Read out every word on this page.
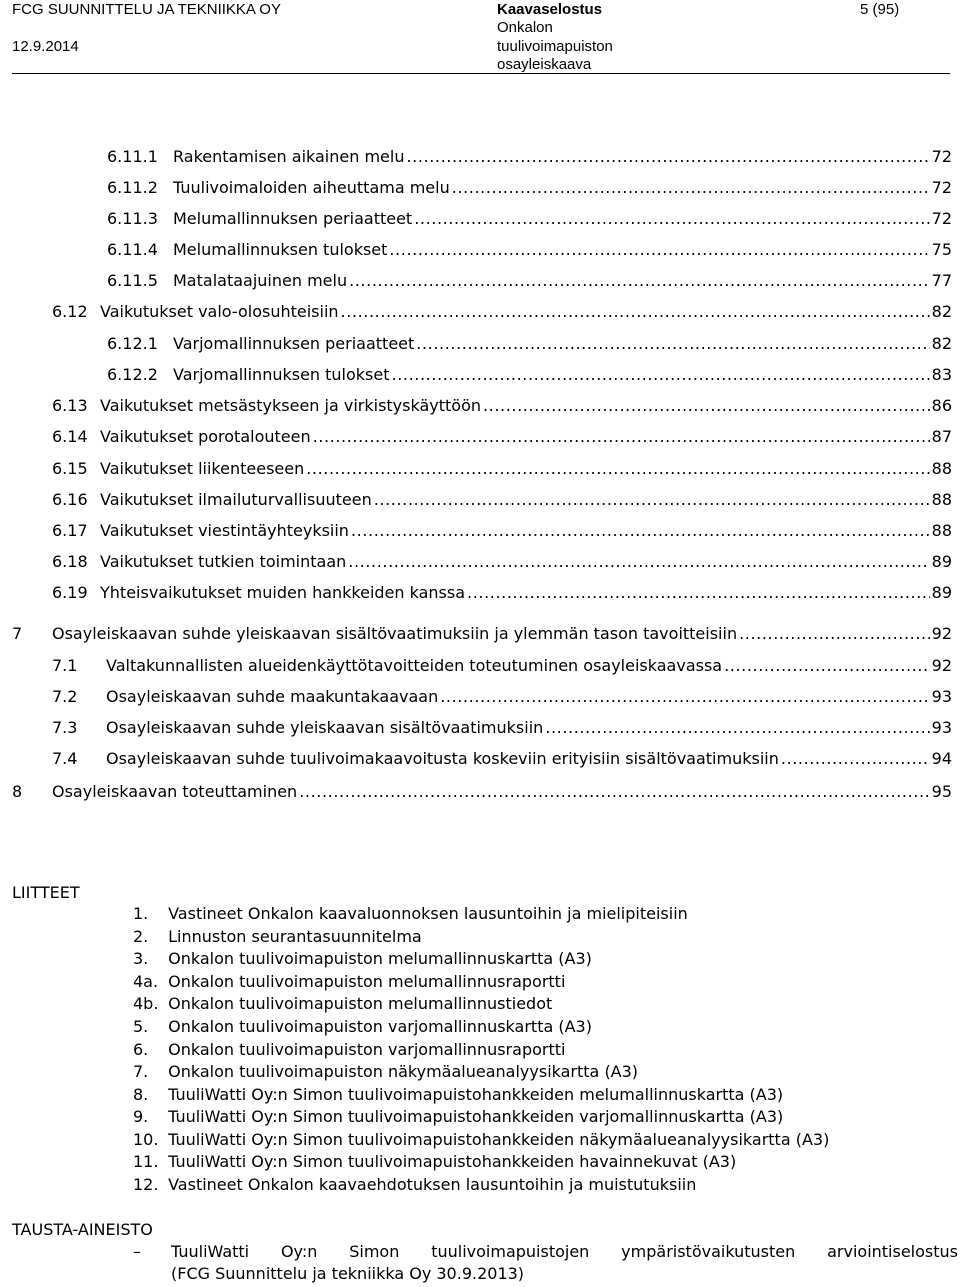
FCG SUUNNITTELU JA TEKNIIKKA OY
12.9.2014
Kaavaselostus
Onkalon
tuulivoimapuiston
osayleiskaava
5 (95)
6.11.1 Rakentamisen aikainen melu .....	72
6.11.2 Tuulivoimaloiden aiheuttama melu .....	72
6.11.3 Melumallinnuksen periaatteet .....	72
6.11.4 Melumallinnuksen tulokset .....	75
6.11.5 Matalataajuinen melu .....	77
6.12 Vaikutukset valo-olosuhteisiin .....	82
6.12.1 Varjomallinnuksen periaatteet .....	82
6.12.2 Varjomallinnuksen tulokset .....	83
6.13 Vaikutukset metsästykseen ja virkistyskäyttöön .....	86
6.14 Vaikutukset porotalouteen .....	87
6.15 Vaikutukset liikenteeseen .....	88
6.16 Vaikutukset ilmailuturvallisuuteen .....	88
6.17 Vaikutukset viestintäyhteyksiin .....	88
6.18 Vaikutukset tutkien toimintaan .....	89
6.19 Yhteisvaikutukset muiden hankkeiden kanssa .....	89
7	Osayleiskaavan suhde yleiskaavan sisältövaatimuksiin ja ylemmän tason tavoitteisiin .....	92
7.1	Valtakunnallisten alueidenkäyttötavoitteiden toteutuminen osayleiskaavassa .....	92
7.2	Osayleiskaavan suhde maakuntakaavaan .....	93
7.3	Osayleiskaavan suhde yleiskaavan sisältövaatimuksiin .....	93
7.4	Osayleiskaavan suhde tuulivoimakaavoitusta koskeviin erityisiin sisältövaatimuksiin .....	94
8	Osayleiskaavan toteuttaminen .....	95
LIITTEET
1. Vastineet Onkalon kaavaluonnoksen lausuntoihin ja mielipiteisiin
2. Linnuston seurantasuunnitelma
3. Onkalon tuulivoimapuiston melumallinnuskartta (A3)
4a. Onkalon tuulivoimapuiston melumallinnusraportti
4b. Onkalon tuulivoimapuiston melumallinnustiedot
5. Onkalon tuulivoimapuiston varjomallinnuskartta (A3)
6. Onkalon tuulivoimapuiston varjomallinnusraportti
7. Onkalon tuulivoimapuiston näkymäalueanalyysikartta (A3)
8. TuuliWatti Oy:n Simon tuulivoimapuistohankkeiden melumallinnuskartta (A3)
9. TuuliWatti Oy:n Simon tuulivoimapuistohankkeiden varjomallinnuskartta (A3)
10. TuuliWatti Oy:n Simon tuulivoimapuistohankkeiden näkymäalueanalyysikartta (A3)
11. TuuliWatti Oy:n Simon tuulivoimapuistohankkeiden havainnekuvat (A3)
12. Vastineet Onkalon kaavaehdotuksen lausuntoihin ja muistutuksiin
TAUSTA-AINEISTO
– TuuliWatti Oy:n Simon tuulivoimapuistojen ympäristövaikutusten arviointiselostus
(FCG Suunnittelu ja tekniikka Oy 30.9.2013)
